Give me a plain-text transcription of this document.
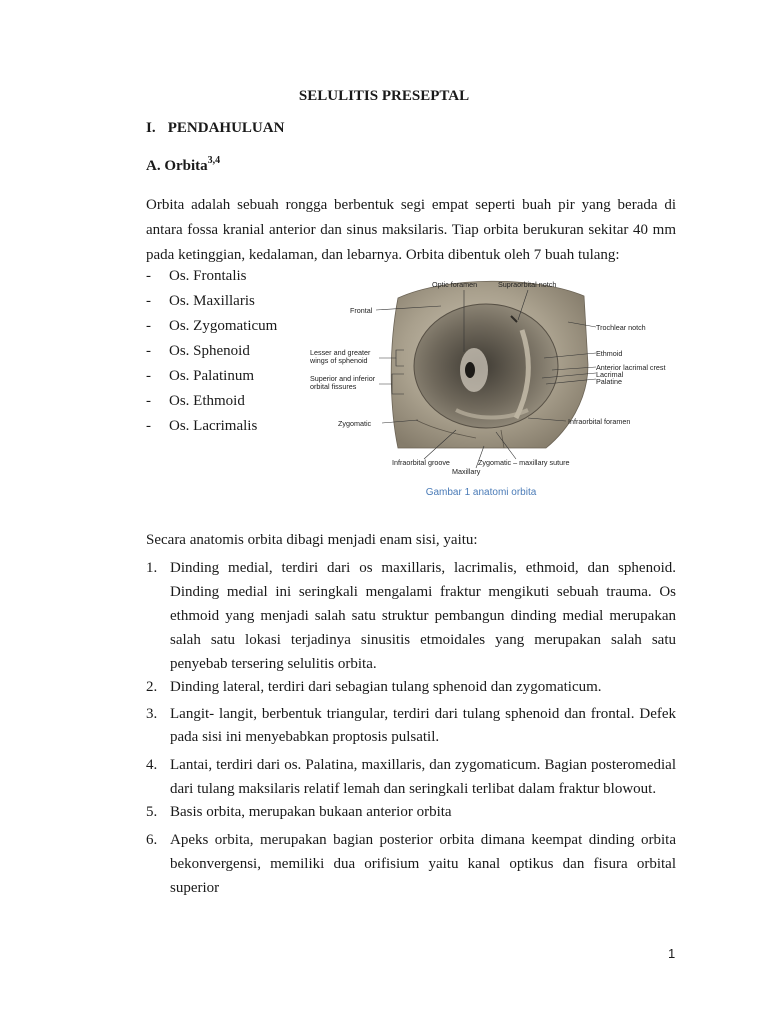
SELULITIS PRESEPTAL
I. PENDAHULUAN
A. Orbita$^{3,4}$

Orbita adalah sebuah rongga berbentuk segi empat seperti buah pir yang berada di antara fossa kranial anterior dan sinus maksilaris. Tiap orbita berukuran sekitar 40 mm pada ketinggian, kedalaman, dan lebarnya. Orbita dibentuk oleh 7 buah tulang:

- Os. Frontalis
- Os. Maxillaris
- Os. Zygomaticum
- Os. Sphenoid
- Os. Palatinum
- Os. Ethmoid
- Os. Lacrimalis
Optic foramen	Supraorbital notch
Frontal
Trochlear notch
Lesser and greater
wings of sphenoid
Ethmoid
Anterior lacrimal crest
Lacrimal
Palatine
Superior and inferior
orbital fissures
Zygomatic	Infraorbital foramen
Infraorbital groove	Zygomatic – maxillary suture
Maxillary
Gambar 1 anatomi orbita

Secara anatomis orbita dibagi menjadi enam sisi, yaitu:

1. Dinding medial, terdiri dari os maxillaris, lacrimalis, ethmoid, dan sphenoid. Dinding medial ini seringkali mengalami fraktur mengikuti sebuah trauma. Os ethmoid yang menjadi salah satu struktur pembangun dinding medial merupakan salah satu lokasi terjadinya sinusitis etmoidales yang merupakan salah satu penyebab tersering selulitis orbita.
2. Dinding lateral, terdiri dari sebagian tulang sphenoid dan zygomaticum.
3. Langit- langit, berbentuk triangular, terdiri dari tulang sphenoid dan frontal. Defek pada sisi ini menyebabkan proptosis pulsatil.
4. Lantai, terdiri dari os. Palatina, maxillaris, dan zygomaticum. Bagian posteromedial dari tulang maksilaris relatif lemah dan seringkali terlibat dalam fraktur blowout.
5. Basis orbita, merupakan bukaan anterior orbita
6. Apeks orbita, merupakan bagian posterior orbita dimana keempat dinding orbita bekonvergensi, memiliki dua orifisium yaitu kanal optikus dan fisura orbital superior
1
